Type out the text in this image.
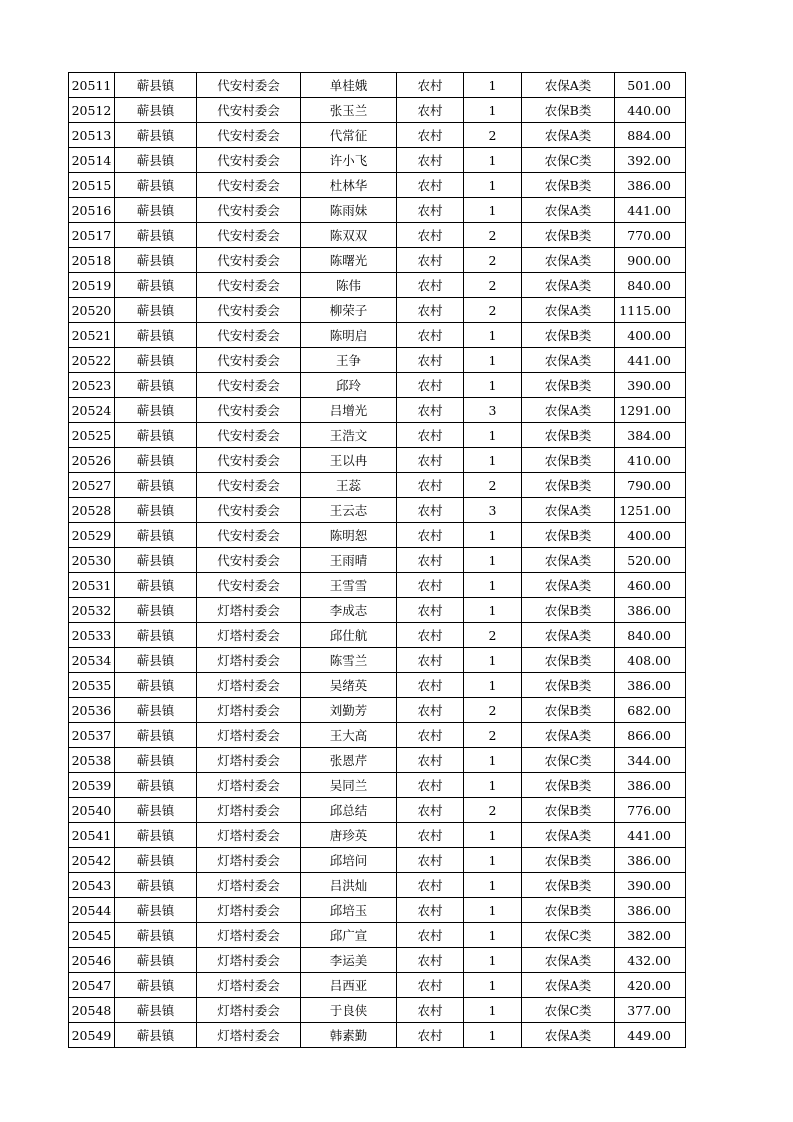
20511	蕲县镇	代安村委会	单桂娥	农村	1	农保A类	501.00
20512	蕲县镇	代安村委会	张玉兰	农村	1	农保B类	440.00
20513	蕲县镇	代安村委会	代常征	农村	2	农保A类	884.00
20514	蕲县镇	代安村委会	许小飞	农村	1	农保C类	392.00
20515	蕲县镇	代安村委会	杜林华	农村	1	农保B类	386.00
20516	蕲县镇	代安村委会	陈雨妹	农村	1	农保A类	441.00
20517	蕲县镇	代安村委会	陈双双	农村	2	农保B类	770.00
20518	蕲县镇	代安村委会	陈曙光	农村	2	农保A类	900.00
20519	蕲县镇	代安村委会	陈伟	农村	2	农保A类	840.00
20520	蕲县镇	代安村委会	柳荣子	农村	2	农保A类	1115.00
20521	蕲县镇	代安村委会	陈明启	农村	1	农保B类	400.00
20522	蕲县镇	代安村委会	王争	农村	1	农保A类	441.00
20523	蕲县镇	代安村委会	邱玲	农村	1	农保B类	390.00
20524	蕲县镇	代安村委会	吕增光	农村	3	农保A类	1291.00
20525	蕲县镇	代安村委会	王浩文	农村	1	农保B类	384.00
20526	蕲县镇	代安村委会	王以冉	农村	1	农保B类	410.00
20527	蕲县镇	代安村委会	王蕊	农村	2	农保B类	790.00
20528	蕲县镇	代安村委会	王云志	农村	3	农保A类	1251.00
20529	蕲县镇	代安村委会	陈明恕	农村	1	农保B类	400.00
20530	蕲县镇	代安村委会	王雨晴	农村	1	农保A类	520.00
20531	蕲县镇	代安村委会	王雪雪	农村	1	农保A类	460.00
20532	蕲县镇	灯塔村委会	李成志	农村	1	农保B类	386.00
20533	蕲县镇	灯塔村委会	邱仕航	农村	2	农保A类	840.00
20534	蕲县镇	灯塔村委会	陈雪兰	农村	1	农保B类	408.00
20535	蕲县镇	灯塔村委会	吴绪英	农村	1	农保B类	386.00
20536	蕲县镇	灯塔村委会	刘勤芳	农村	2	农保B类	682.00
20537	蕲县镇	灯塔村委会	王大高	农村	2	农保A类	866.00
20538	蕲县镇	灯塔村委会	张恩芹	农村	1	农保C类	344.00
20539	蕲县镇	灯塔村委会	吴同兰	农村	1	农保B类	386.00
20540	蕲县镇	灯塔村委会	邱总结	农村	2	农保B类	776.00
20541	蕲县镇	灯塔村委会	唐珍英	农村	1	农保A类	441.00
20542	蕲县镇	灯塔村委会	邱培问	农村	1	农保B类	386.00
20543	蕲县镇	灯塔村委会	吕洪灿	农村	1	农保B类	390.00
20544	蕲县镇	灯塔村委会	邱培玉	农村	1	农保B类	386.00
20545	蕲县镇	灯塔村委会	邱广宣	农村	1	农保C类	382.00
20546	蕲县镇	灯塔村委会	李运美	农村	1	农保A类	432.00
20547	蕲县镇	灯塔村委会	吕西亚	农村	1	农保A类	420.00
20548	蕲县镇	灯塔村委会	于良侠	农村	1	农保C类	377.00
20549	蕲县镇	灯塔村委会	韩素勤	农村	1	农保A类	449.00
